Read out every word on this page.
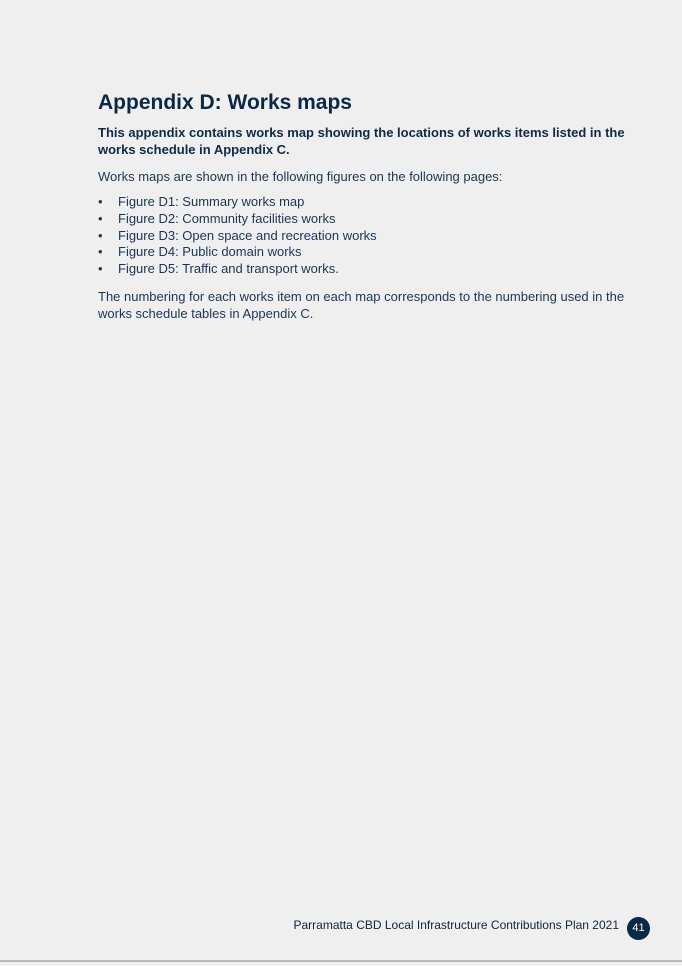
Appendix D: Works maps

This appendix contains works map showing the locations of works items listed in the works schedule in Appendix C.

Works maps are shown in the following figures on the following pages:

• Figure D1: Summary works map
• Figure D2: Community facilities works
• Figure D3: Open space and recreation works
• Figure D4: Public domain works
• Figure D5: Traffic and transport works.

The numbering for each works item on each map corresponds to the numbering used in the works schedule tables in Appendix C.

Parramatta CBD Local Infrastructure Contributions Plan 2021	41
